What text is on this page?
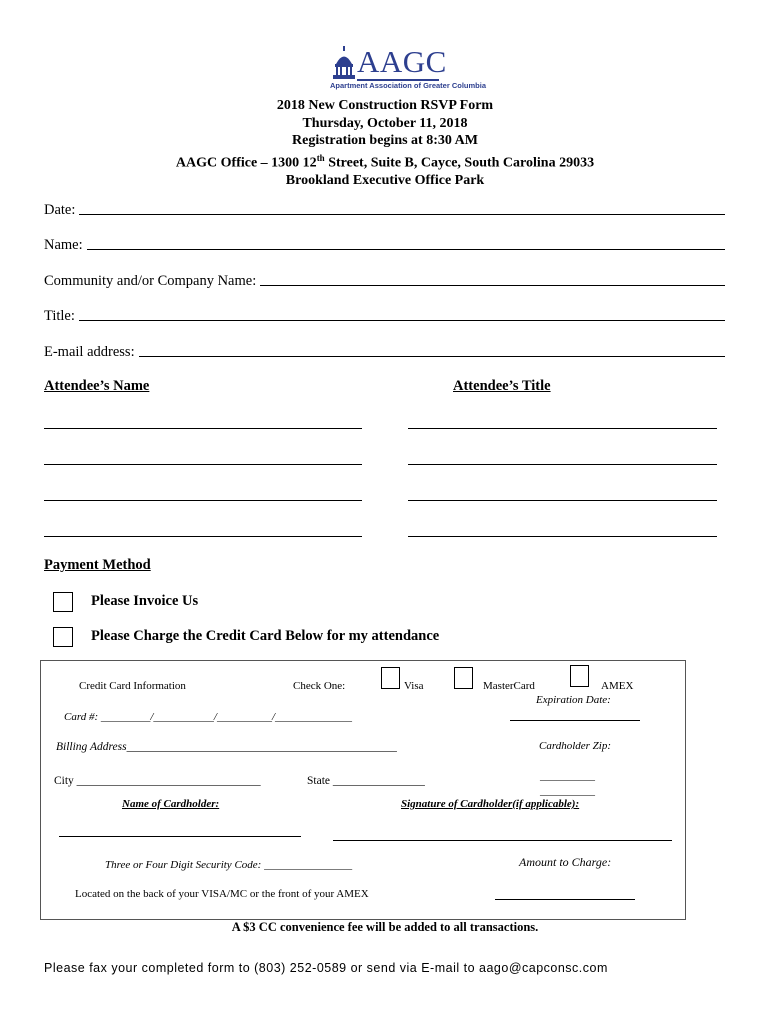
AAGC
Apartment Association of Greater Columbia
2018 New Construction RSVP Form
Thursday, October 11, 2018
Registration begins at 8:30 AM
AAGC Office – 1300 12th Street, Suite B, Cayce, South Carolina 29033
Brookland Executive Office Park
Date:
Name:
Community and/or Company Name:
Title:
E-mail address:
Attendee’s Name	Attendee’s Title
Payment Method
Please Invoice Us
Please Charge the Credit Card Below for my attendance
Credit Card Information	Check One:	Visa	MasterCard	AMEX
Expiration Date:
Card #: _________/___________/__________/______________
Billing Address_______________________________________________	Cardholder Zip:
City ________________________________	State ________________	__________
__________
Name of Cardholder:	Signature of Cardholder(if applicable):
Three or Four Digit Security Code: ________________	Amount to Charge:
Located on the back of your VISA/MC or the front of your AMEX
A $3 CC convenience fee will be added to all transactions.
Please fax your completed form to (803) 252-0589 or send via E-mail to aago@capconsc.com
